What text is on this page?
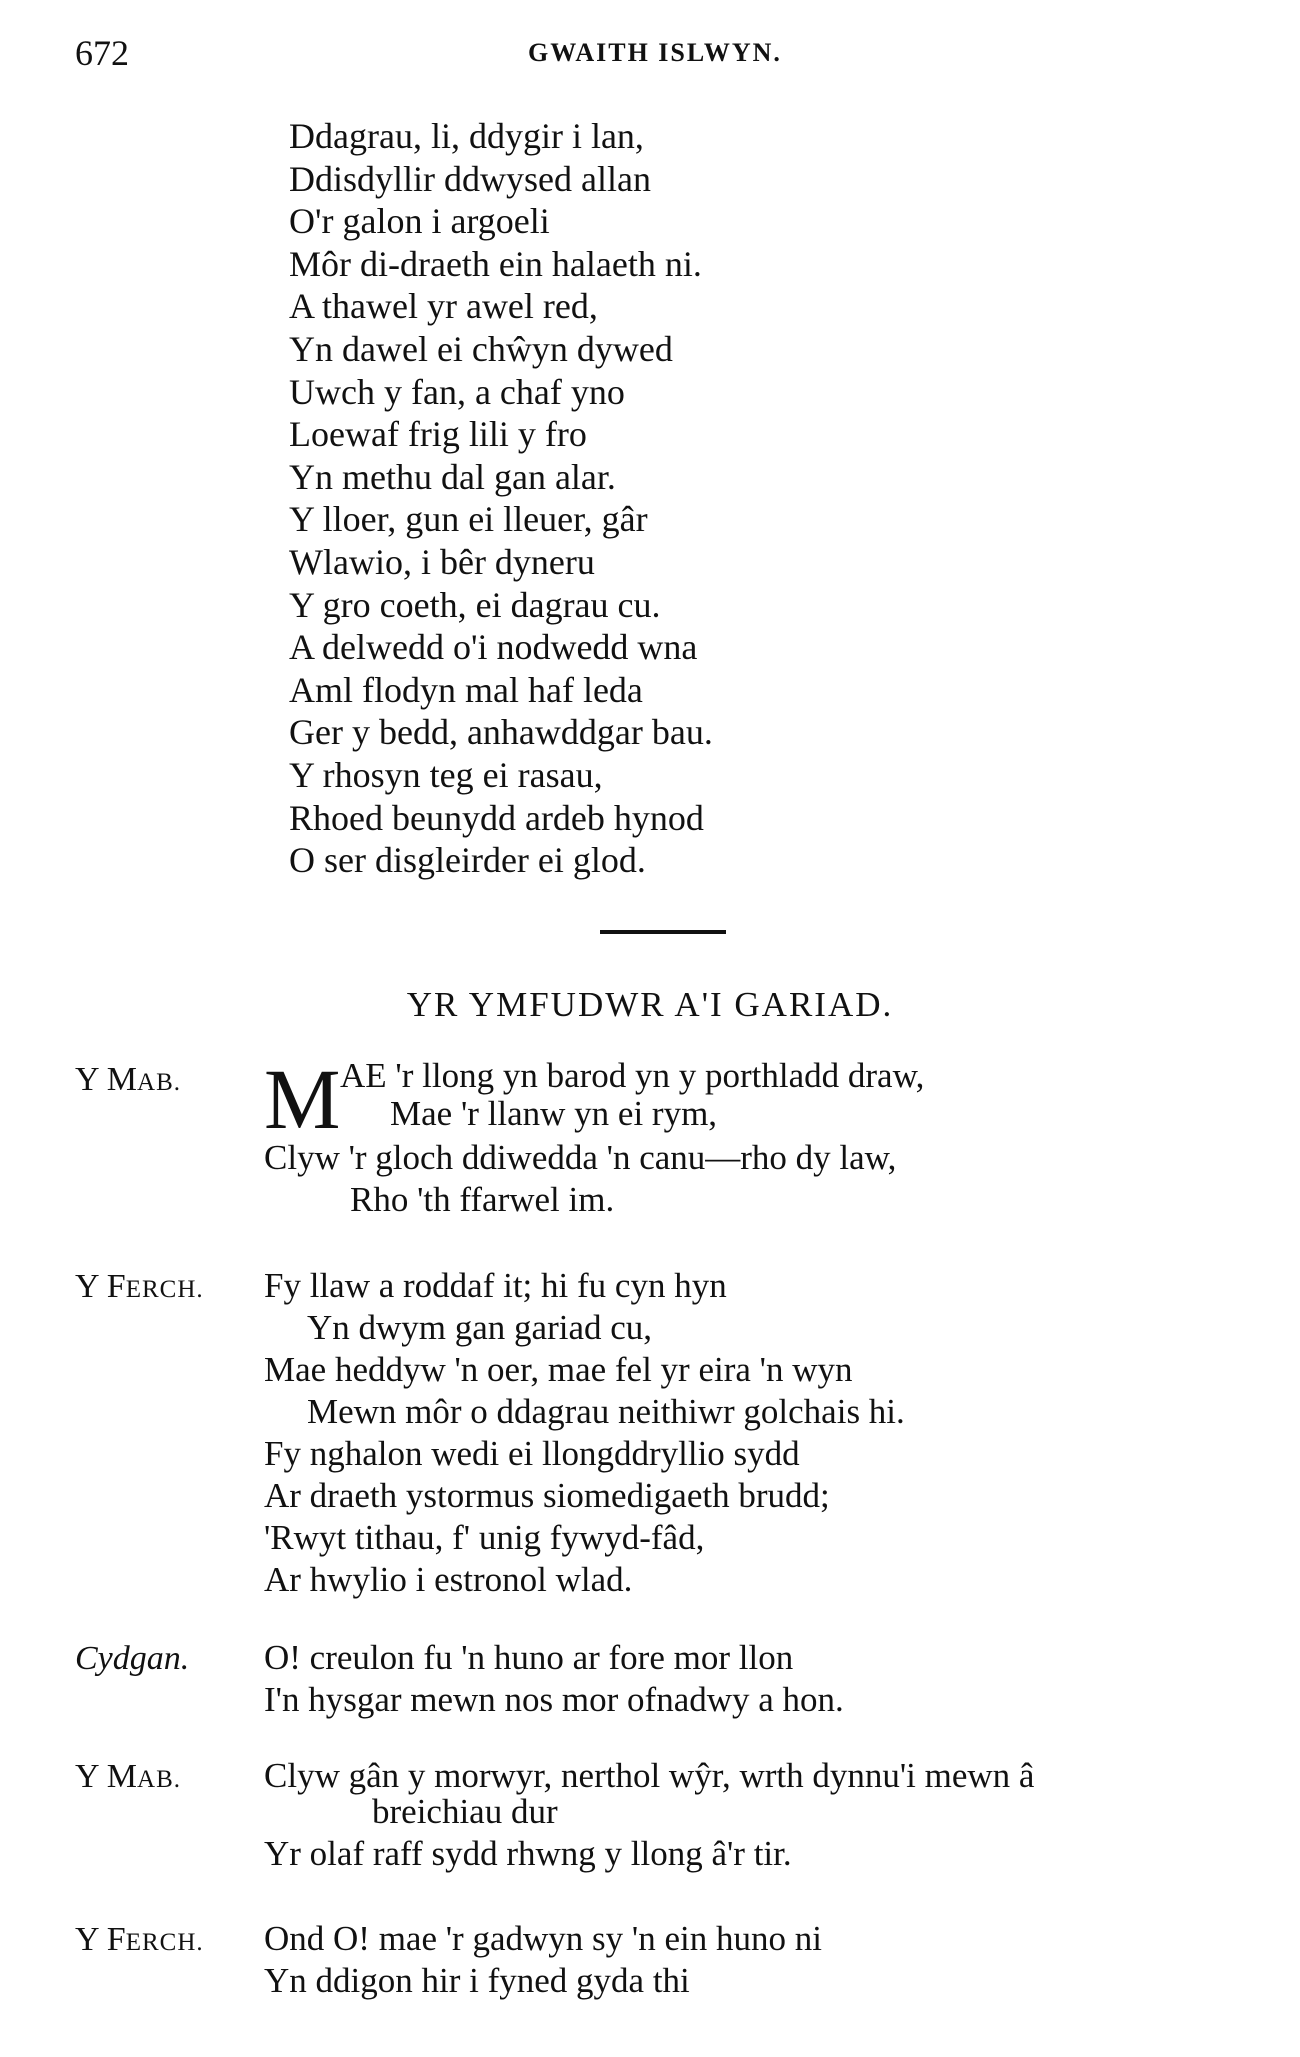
672	GWAITH ISLWYN.
Ddagrau, li, ddygir i lan,
Ddisdyllir ddwysed allan
O'r galon i argoeli
Môr di-draeth ein halaeth ni.
A thawel yr awel red,
Yn dawel ei chŵyn dywed
Uwch y fan, a chaf yno
Loewaf frig lili y fro
Yn methu dal gan alar.
Y lloer, gun ei lleuer, gâr
Wlawio, i bêr dyneru
Y gro coeth, ei dagrau cu.
A delwedd o'i nodwedd wna
Aml flodyn mal haf leda
Ger y bedd, anhawddgar bau.
Y rhosyn teg ei rasau,
Rhoed beunydd ardeb hynod
O ser disgleirder ei glod.
YR YMFUDWR A'I GARIAD.
Y MAB. M AE 'r llong yn barod yn y porthladd draw,
Mae 'r llanw yn ei rym,
Clyw 'r gloch ddiwedda 'n canu—rho dy law,
Rho 'th ffarwel im.
Y FERCH. Fy llaw a roddaf it; hi fu cyn hyn
Yn dwym gan gariad cu,
Mae heddyw 'n oer, mae fel yr eira 'n wyn
Mewn môr o ddagrau neithiwr golchais hi.
Fy nghalon wedi ei llongddryllio sydd
Ar draeth ystormus siomedigaeth brudd;
'Rwyt tithau, f' unig fywyd-fâd,
Ar hwylio i estronol wlad.
Cydgan. O! creulon fu 'n huno ar fore mor llon
I'n hysgar mewn nos mor ofnadwy a hon.
Y MAB. Clyw gân y morwyr, nerthol wŷr, wrth dynnu'i mewn â
breichiau dur
Yr olaf raff sydd rhwng y llong â'r tir.
Y FERCH. Ond O! mae 'r gadwyn sy 'n ein huno ni
Yn ddigon hir i fyned gyda thi
